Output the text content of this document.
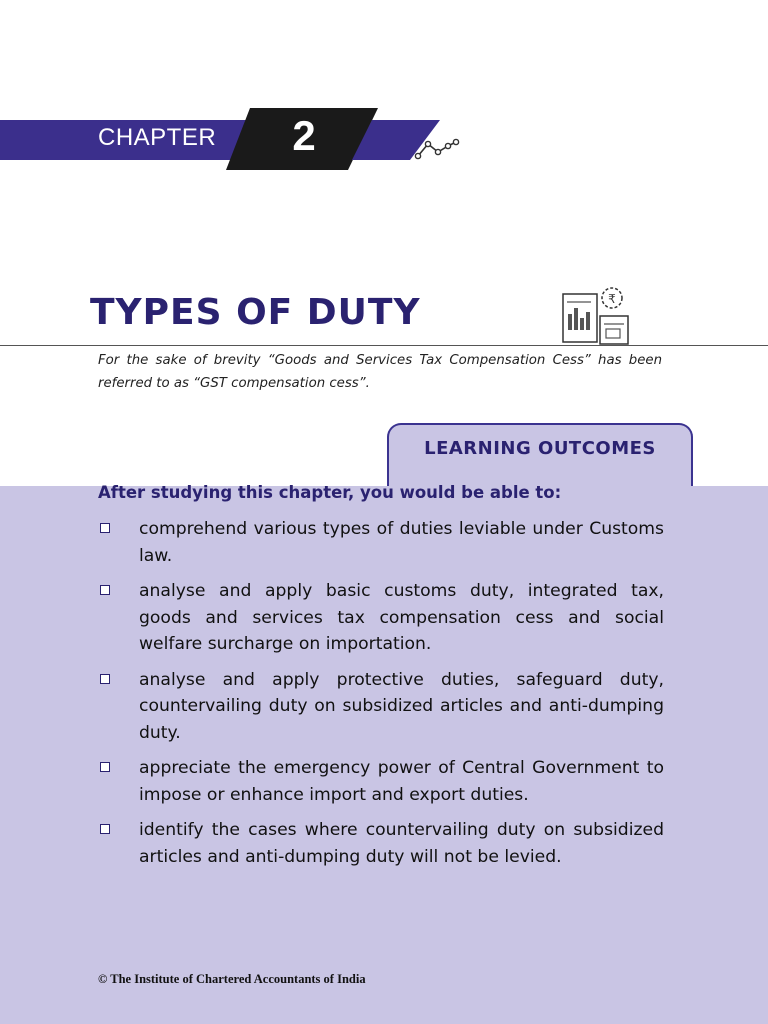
CHAPTER 2
TYPES OF DUTY	₹

For the sake of brevity “Goods and Services Tax Compensation Cess” has been referred to as “GST compensation cess”.

LEARNING OUTCOMES
After studying this chapter, you would be able to:
comprehend various types of duties leviable under Customs law.
analyse and apply basic customs duty, integrated tax, goods and services tax compensation cess and social welfare surcharge on importation.
analyse and apply protective duties, safeguard duty, countervailing duty on subsidized articles and anti-dumping duty.
appreciate the emergency power of Central Government to impose or enhance import and export duties.
identify the cases where countervailing duty on subsidized articles and anti-dumping duty will not be levied.
© The Institute of Chartered Accountants of India
